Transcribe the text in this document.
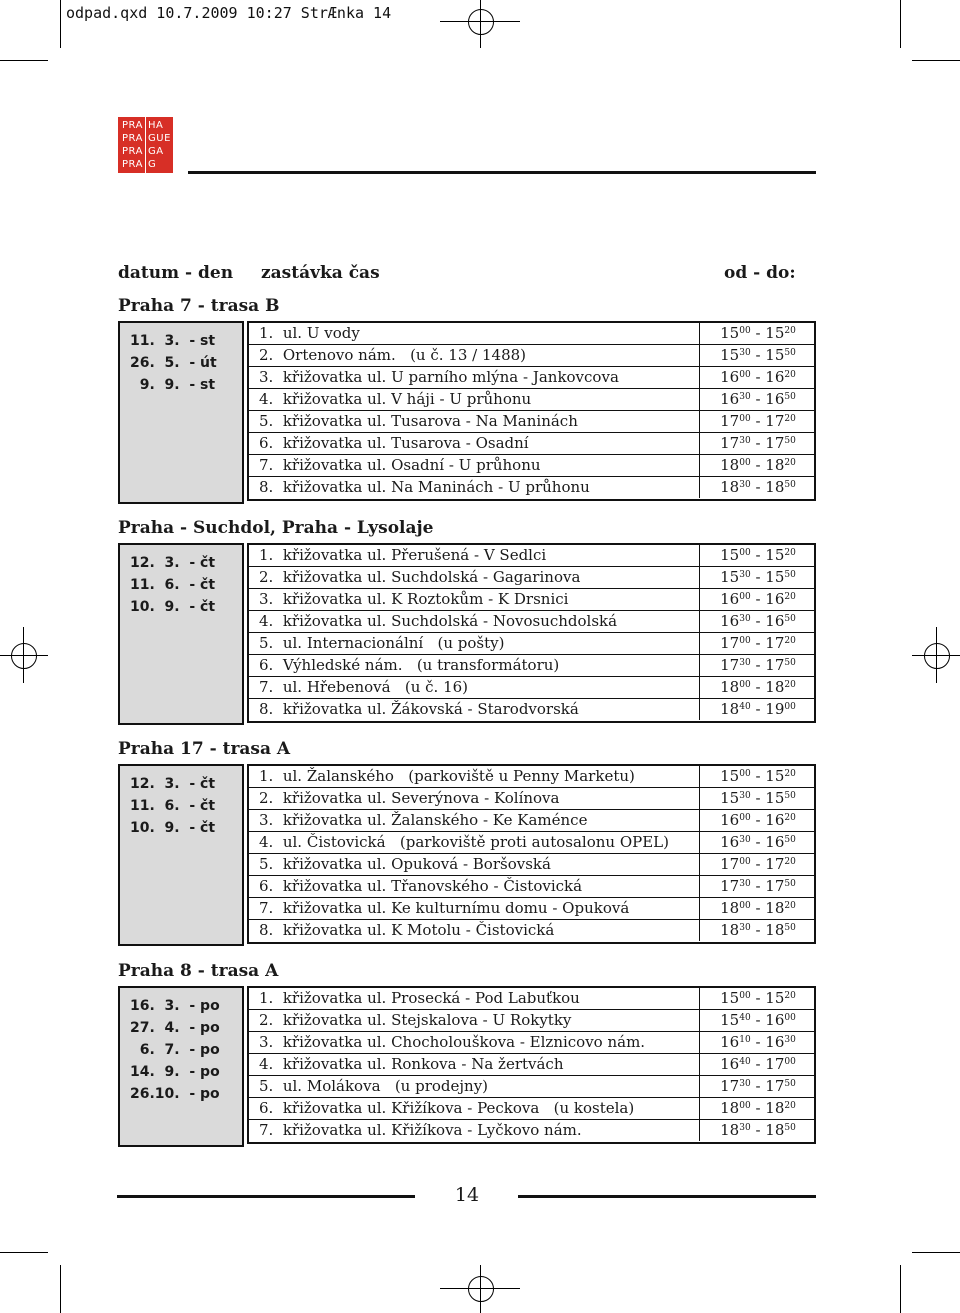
odpad.qxd 10.7.2009 10:27 StrÆnka 14
PRA HA
PRA GUE
PRA GA
PRA G
datum - den zastávka čas	od - do:
Praha 7 - trasa B
11.  3.  - st
26.  5.  - út
9.  9.  - st
1.  ul. U vody	$15^{00} - 15^{20}$
2.  Ortenovo nám.   (u č. 13 / 1488)	$15^{30} - 15^{50}$
3.  křižovatka ul. U parního mlýna - Jankovcova	$16^{00} - 16^{20}$
4.  křižovatka ul. V háji - U průhonu	$16^{30} - 16^{50}$
5.  křižovatka ul. Tusarova - Na Maninách	$17^{00} - 17^{20}$
6.  křižovatka ul. Tusarova - Osadní	$17^{30} - 17^{50}$
7.  křižovatka ul. Osadní - U průhonu	$18^{00} - 18^{20}$
8.  křižovatka ul. Na Maninách - U průhonu	$18^{30} - 18^{50}$
Praha - Suchdol, Praha - Lysolaje
12.  3.  - čt
11.  6.  - čt
10.  9.  - čt
1.  křižovatka ul. Přerušená - V Sedlci	$15^{00} - 15^{20}$
2.  křižovatka ul. Suchdolská - Gagarinova	$15^{30} - 15^{50}$
3.  křižovatka ul. K Roztokům - K Drsnici	$16^{00} - 16^{20}$
4.  křižovatka ul. Suchdolská - Novosuchdolská	$16^{30} - 16^{50}$
5.  ul. Internacionální   (u pošty)	$17^{00} - 17^{20}$
6.  Výhledské nám.   (u transformátoru)	$17^{30} - 17^{50}$
7.  ul. Hřebenová   (u č. 16)	$18^{00} - 18^{20}$
8.  křižovatka ul. Žákovská - Starodvorská	$18^{40} - 19^{00}$
Praha 17 - trasa A
12.  3.  - čt
11.  6.  - čt
10.  9.  - čt
1.  ul. Žalanského   (parkoviště u Penny Marketu)	$15^{00} - 15^{20}$
2.  křižovatka ul. Severýnova - Kolínova	$15^{30} - 15^{50}$
3.  křižovatka ul. Žalanského - Ke Kaménce	$16^{00} - 16^{20}$
4.  ul. Čistovická   (parkoviště proti autosalonu OPEL)	$16^{30} - 16^{50}$
5.  křižovatka ul. Opuková - Boršovská	$17^{00} - 17^{20}$
6.  křižovatka ul. Třanovského - Čistovická	$17^{30} - 17^{50}$
7.  křižovatka ul. Ke kulturnímu domu - Opuková	$18^{00} - 18^{20}$
8.  křižovatka ul. K Motolu - Čistovická	$18^{30} - 18^{50}$
Praha 8 - trasa A
16.  3.  - po
27.  4.  - po
6.  7.  - po
14.  9.  - po
26.10.  - po
1.  křižovatka ul. Prosecká - Pod Labuťkou	$15^{00} - 15^{20}$
2.  křižovatka ul. Stejskalova - U Rokytky	$15^{40} - 16^{00}$
3.  křižovatka ul. Chocholouškova - Elznicovo nám.	$16^{10} - 16^{30}$
4.  křižovatka ul. Ronkova - Na žertvách	$16^{40} - 17^{00}$
5.  ul. Molákova   (u prodejny)	$17^{30} - 17^{50}$
6.  křižovatka ul. Křižíkova - Peckova   (u kostela)	$18^{00} - 18^{20}$
7.  křižovatka ul. Křižíkova - Lyčkovo nám.	$18^{30} - 18^{50}$
14
